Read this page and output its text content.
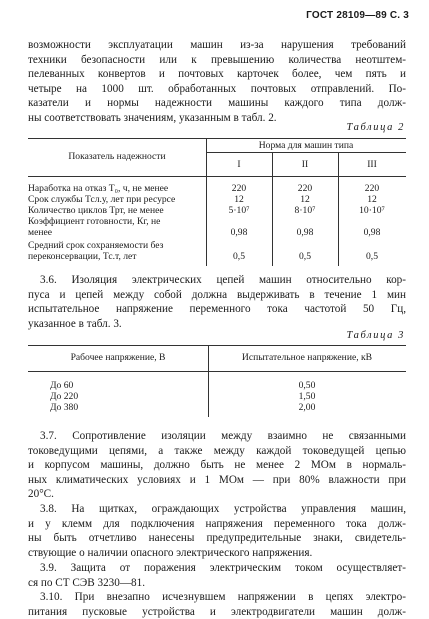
ГОСТ 28109—89 С. 3
возможности эксплуатации машин из-за нарушения требований
техники безопасности или к превышению количества неотштем-
пелеванных конвертов и почтовых карточек более, чем пять и
четыре на 1000 шт. обработанных почтовых отправлений. По-
казатели и нормы надежности машины каждого типа долж-
ны соответствовать значениям, указанным в табл. 2.
Таблица 2
Показатель надежности
Норма для машин типа
I	II	III
Наработка на отказ Т₀, ч, не менее	220	220	220
Срок службы Тсл.у, лет при ресурсе	12	12	12
Количество циклов Трт, не менее	5·10⁷	8·10⁷	10·10⁷
Коэффициент готовности, Кг, не
менее	0,98	0,98	0,98
Средний срок сохраняемости без
переконсервации, Тс.т, лет	0,5	0,5	0,5
3.6. Изоляция электрических цепей машин относительно кор-
пуса и цепей между собой должна выдерживать в течение 1 мин
испытательное напряжение переменного тока частотой 50 Гц,
указанное в табл. 3.
Таблица 3
Рабочее напряжение, В	Испытательное напряжение, кВ
До 60	0,50
До 220	1,50
До 380	2,00
3.7. Сопротивление изоляции между взаимно не связанными
токоведущими цепями, а также между каждой токоведущей цепью
и корпусом машины, должно быть не менее 2 МОм в нормаль-
ных климатических условиях и 1 МОм — при 80% влажности при
20°С.
3.8. На щитках, ограждающих устройства управления машин,
и у клемм для подключения напряжения переменного тока долж-
ны быть отчетливо нанесены предупредительные знаки, свидетель-
ствующие о наличии опасного электрического напряжения.
3.9. Защита от поражения электрическим током осуществляет-
ся по СТ СЭВ 3230—81.
3.10. При внезапно исчезнувшем напряжении в цепях электро-
питания пусковые устройства и электродвигатели машин долж-
